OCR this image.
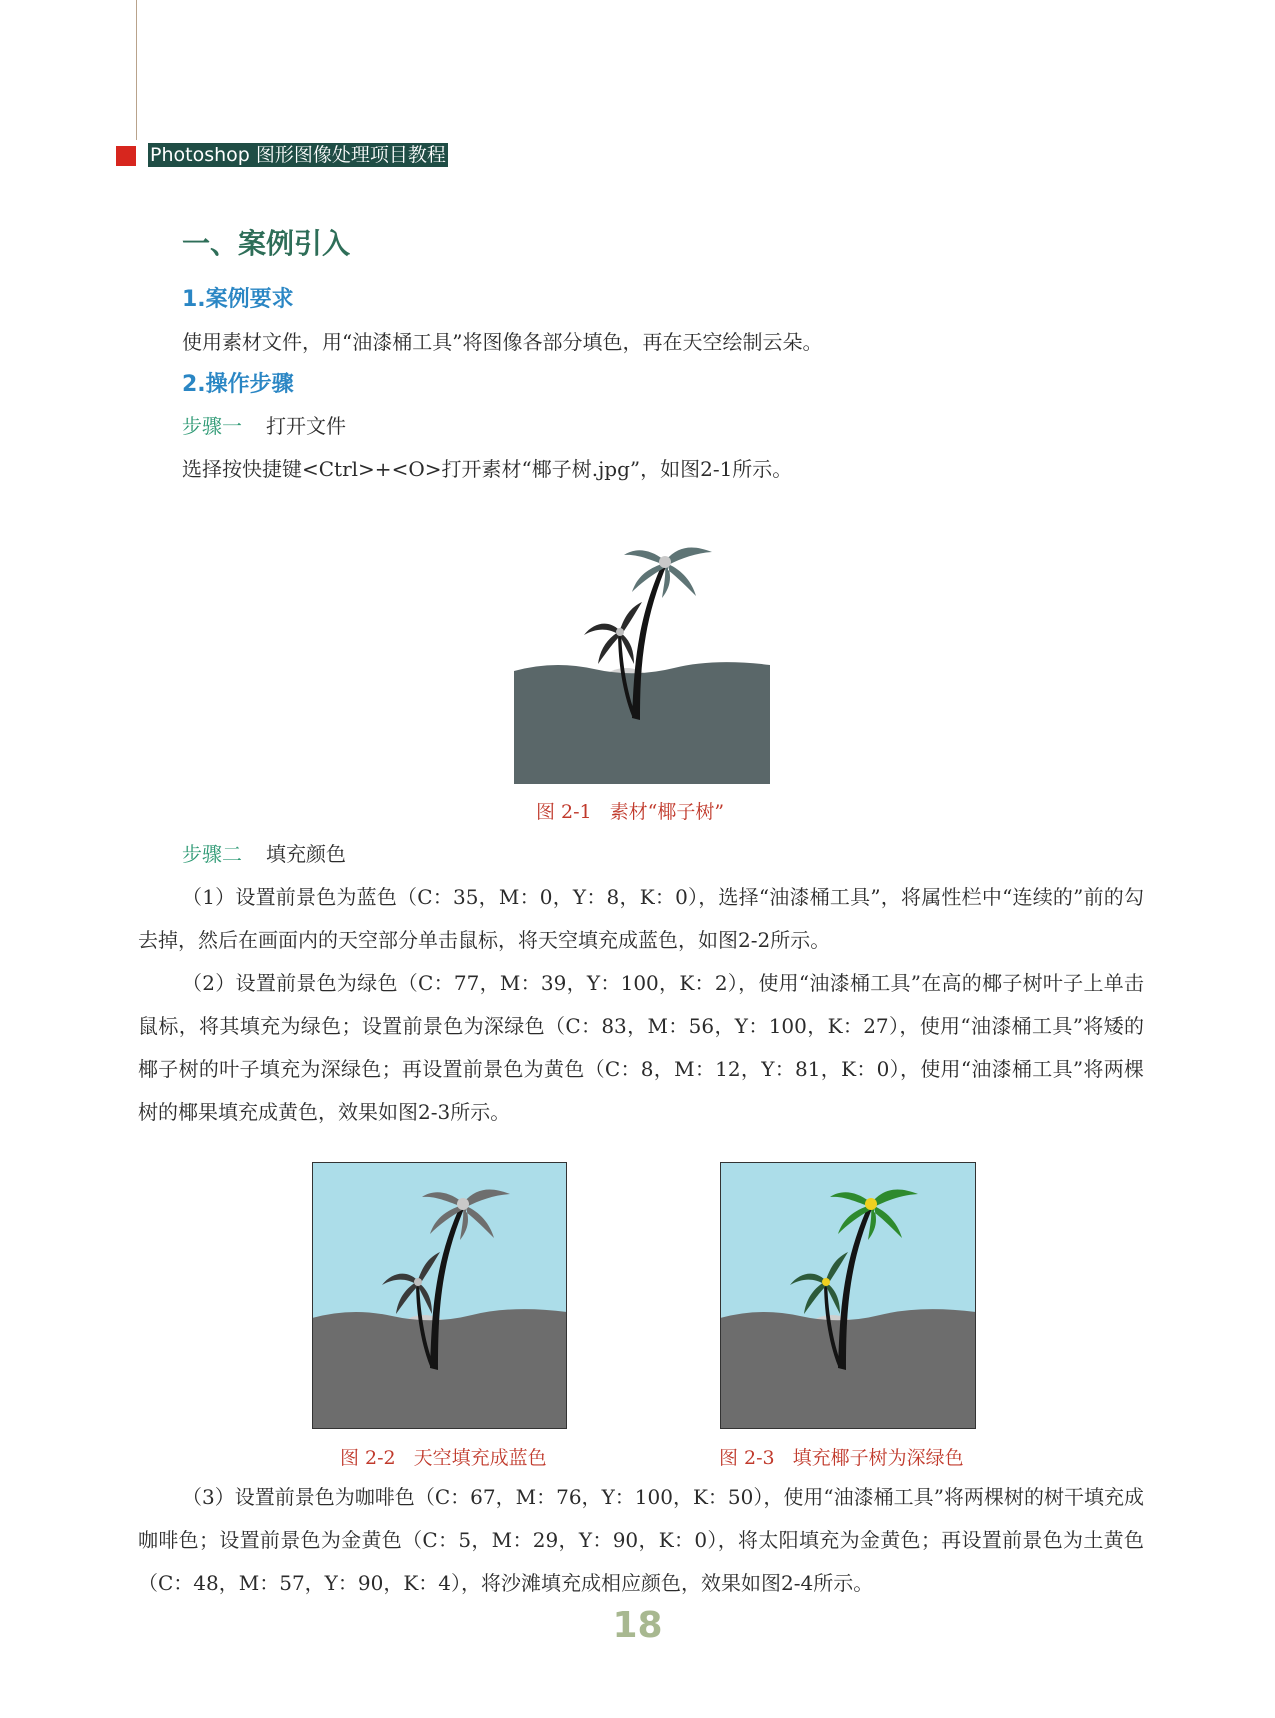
Photoshop 图形图像处理项目教程
一、案例引入
1.案例要求
使用素材文件，用“油漆桶工具”将图像各部分填色，再在天空绘制云朵。
2.操作步骤
步骤一 打开文件
选择按快捷键<Ctrl>+<O>打开素材“椰子树.jpg”，如图2-1所示。
图 2-1 素材“椰子树”
步骤二 填充颜色

（1）设置前景色为蓝色（C：35，M：0，Y：8，K：0），选择“油漆桶工具”，将属性栏中“连续的”前的勾去掉，然后在画面内的天空部分单击鼠标，将天空填充成蓝色，如图2-2所示。

（2）设置前景色为绿色（C：77，M：39，Y：100，K：2），使用“油漆桶工具”在高的椰子树叶子上单击鼠标，将其填充为绿色；设置前景色为深绿色（C：83，M：56，Y：100，K：27），使用“油漆桶工具”将矮的椰子树的叶子填充为深绿色；再设置前景色为黄色（C：8，M：12，Y：81，K：0），使用“油漆桶工具”将两棵树的椰果填充成黄色，效果如图2-3所示。

图 2-2 天空填充成蓝色	图 2-3 填充椰子树为深绿色

（3）设置前景色为咖啡色（C：67，M：76，Y：100，K：50），使用“油漆桶工具”将两棵树的树干填充成咖啡色；设置前景色为金黄色（C：5，M：29，Y：90，K：0），将太阳填充为金黄色；再设置前景色为土黄色（C：48，M：57，Y：90，K：4），将沙滩填充成相应颜色，效果如图2-4所示。

18
